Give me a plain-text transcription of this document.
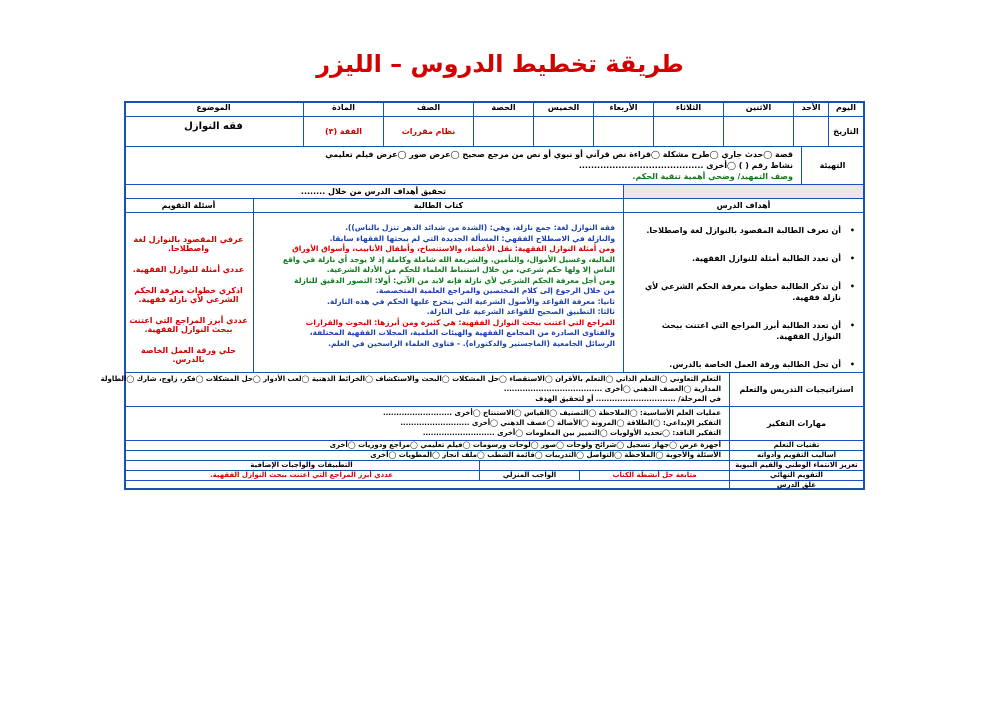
طريقة تخطيط الدروس – الليزر
اليوم
الأحد
الاثنين
الثلاثاء
الأربعاء
الخميس
الحصة
الصف
المادة
الموضوع
التاريخ
نظام مقررات
الفقة (٣)
فقه النوازل
التهيئة
قصة ◯حدث جاري ◯طرح مشكلة ◯قراءة نص قرآني أو نبوي أو نص من مرجع صحيح ◯عرض صور ◯عرض فيلم تعليمي
نشاط رقم ( ) ◯أخرى .........................................
وصف التمهيد/ وضحي أهمية تنقية الحكم.
تحقيق أهداف الدرس من خلال ........
أهداف الدرس
كتاب الطالبة
أسئلة التقويم
• أن تعرف الطالبة المقصود بالنوازل لغة واصطلاحا.
• أن تعدد الطالبة أمثلة للنوازل الفقهية.
• أن تذكر الطالبة خطوات معرفة الحكم الشرعي لأي نازلة فقهية.
• أن تعدد الطالبة أبرز المراجع التي اعتنت ببحث النوازل الفقهية.
• أن تحل الطالبة ورقة العمل الخاصة بالدرس.
فقه النوازل لغة: جمع نازلة، وهي: (الشدة من شدائد الدهر تنزل بالناس)).
والنازلة في الاصطلاح الفقهي: المسألة الجديدة التي لم يبحثها الفقهاء سابقا.
ومن أمثلة النوازل الفقهية: نقل الأعضاء، والاستنساخ، وأطفال الأنابيب، وأسواق الأوراق
المالية، وغسيل الأموال، والتأمين. والشريعة الله شاملة وكاملة إذ لا يوجد أي نازلة في واقع
الناس إلا ولها حكم شرعي، من خلال استنباط العلماء للحكم من الأدلة الشرعية.
ومن أجل معرفة الحكم الشرعي لأي نازلة فإنه لابد من الآتي: أولا: التصور الدقيق للنازلة
من خلال الرجوع إلى كلام المختصين والمراجع العلمية المتخصصة.
ثانيا: معرفة القواعد والأصول الشرعية التي يتخرج عليها الحكم في هذه النازلة.
ثالثا: التطبيق الصحيح للقواعد الشرعية على النازلة.
المراجع التي اعتنت ببحث النوازل الفقهية: هي كثيرة ومن أبرزها: البحوث والقرارات
والفتاوى الصادرة من المجامع الفقهية والهيئات العلمية، المجلات الفقهية المختلفة،
الرسائل الجامعية (الماجستير والدكتوراه). - فتاوى العلماء الراسخين في العلم.

عرفي المقصود بالنوازل لغة واصطلاحا.

عددي أمثلة للنوازل الفقهية.

اذكري خطوات معرفة الحكم الشرعي لأي نازلة فقهية.

عددي أبرز المراجع التي اعتنت ببحث النوازل الفقهية.

حلي ورقة العمل الخاصة بالدرس.

استراتيجيات التدريس والتعلم
التعلم التعاوني ◯التعلم الذاتي ◯التعلم بالأقران ◯الاستقصاء ◯حل المشكلات ◯البحث والاستكشاف ◯الخرائط الذهنية ◯لعب الأدوار ◯حل المشكلات ◯فكر، زاوج، شارك ◯الطاولة
المدارية ◯العصف الذهني ◯أخرى .....................................
في المرحلة/ .............................. أو لتحقيق الهدف
مهارات التفكير
عمليات العلم الأساسية: ◯الملاحظة ◯التصنيف ◯القياس ◯الاستنتاج ◯أخرى ..........................
التفكير الإبداعي: ◯الطلاقة ◯المرونة ◯الأصالة ◯عصف الذهني ◯أخرى ..........................
التفكير الناقد: ◯تحديد الأولويات ◯التمييز بين المعلومات ◯أخرى ...........................
تقنيات التعلم
أجهزة عرض ◯جهاز تسجيل ◯شرائح ولوحات ◯صور ◯لوحات ورسومات ◯فيلم تعليمي ◯مراجع ودوريات ◯أخرى
أساليب التقويم وأدواته
الأسئلة والأجوبة ◯الملاحظة ◯التواصل ◯التدريبات ◯قائمة الشطب ◯ملف انجاز ◯المطويات ◯أخرى
تعزيز الانتماء الوطني والقيم النبوية
التطبيقات والواجبات الإضافية
التقويم النهائي
متابعة حل أنشطة الكتاب
الواجب المنزلي
عددي أبرز المراجع التي اعتنت ببحث النوازل الفقهية.
غلق الدرس
